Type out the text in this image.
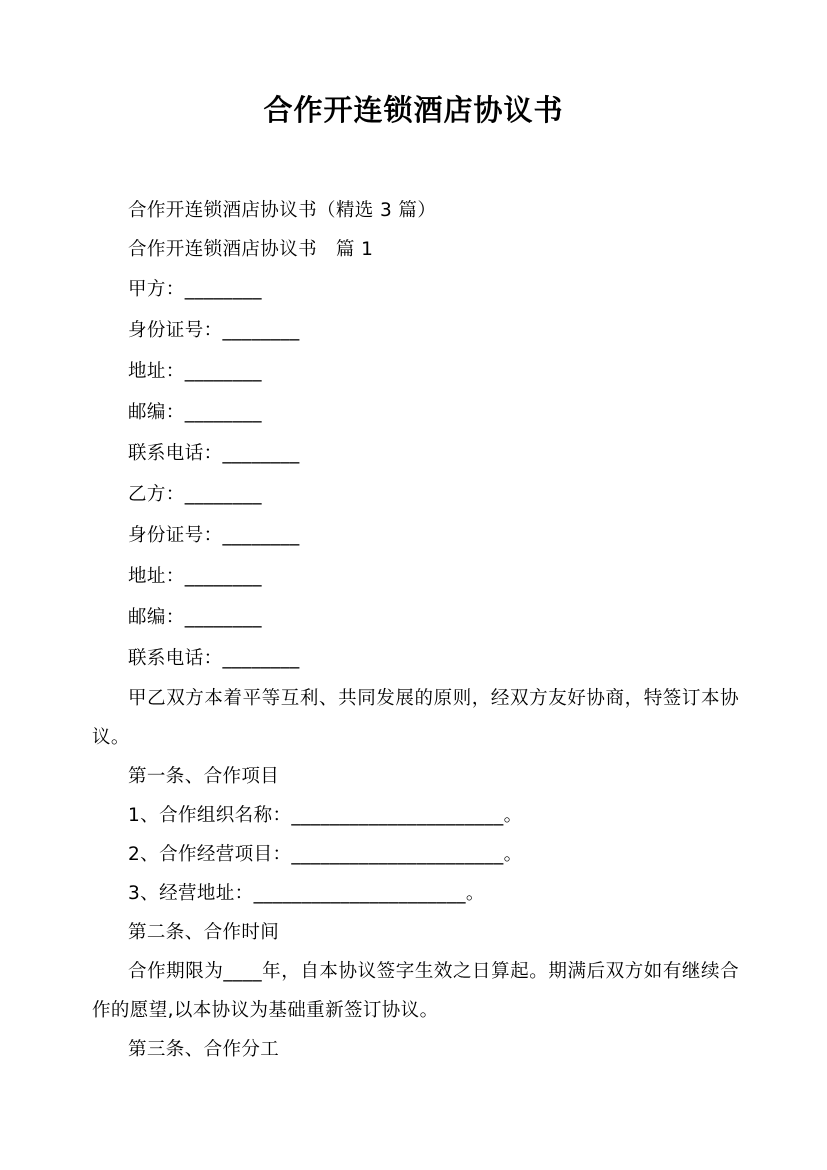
合作开连锁酒店协议书

合作开连锁酒店协议书（精选 3 篇）

合作开连锁酒店协议书　篇 1

甲方：________

身份证号：________

地址：________

邮编：________

联系电话：________

乙方：________

身份证号：________

地址：________

邮编：________

联系电话：________

甲乙双方本着平等互利、共同发展的原则，经双方友好协商，特签订本协议。

第一条、合作项目

1、合作组织名称：______________________。

2、合作经营项目：______________________。

3、经营地址：______________________。

第二条、合作时间

合作期限为____年，自本协议签字生效之日算起。期满后双方如有继续合作的愿望,以本协议为基础重新签订协议。

第三条、合作分工
